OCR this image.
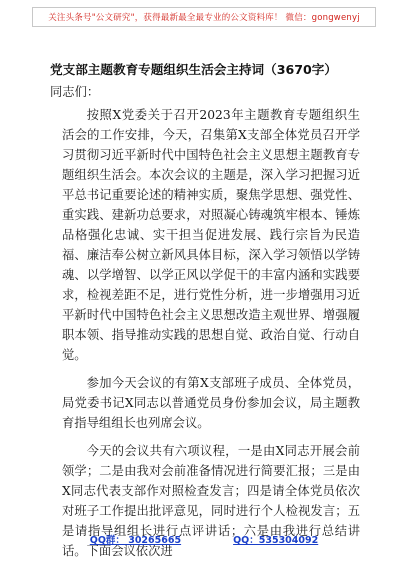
关注头条号"公文研究"，获得最新最全最专业的公文资料库！ 微信：gongwenyj
党支部主题教育专题组织生活会主持词（3670字）
同志们：

按照X党委关于召开2023年主题教育专题组织生活会的工作安排，今天，召集第X支部全体党员召开学习贯彻习近平新时代中国特色社会主义思想主题教育专题组织生活会。本次会议的主题是，深入学习把握习近平总书记重要论述的精神实质，聚焦学思想、强党性、重实践、建新功总要求，对照凝心铸魂筑牢根本、锤炼品格强化忠诚、实干担当促进发展、践行宗旨为民造福、廉洁奉公树立新风具体目标，深入学习领悟以学铸魂、以学增智、以学正风以学促干的丰富内涵和实践要求，检视差距不足，进行党性分析，进一步增强用习近平新时代中国特色社会主义思想改造主观世界、增强履职本领、指导推动实践的思想自觉、政治自觉、行动自觉。

参加今天会议的有第X支部班子成员、全体党员，局党委书记X同志以普通党员身份参加会议，局主题教育指导组组长也列席会议。

今天的会议共有六项议程，一是由X同志开展会前领学；二是由我对会前准备情况进行简要汇报；三是由X同志代表支部作对照检查发言；四是请全体党员依次对班子工作提出批评意见，同时进行个人检视发言；五是请指导组组长进行点评讲话；六是由我进行总结讲话。下面会议依次进

QQ群： 30265665	QQ：535304092
